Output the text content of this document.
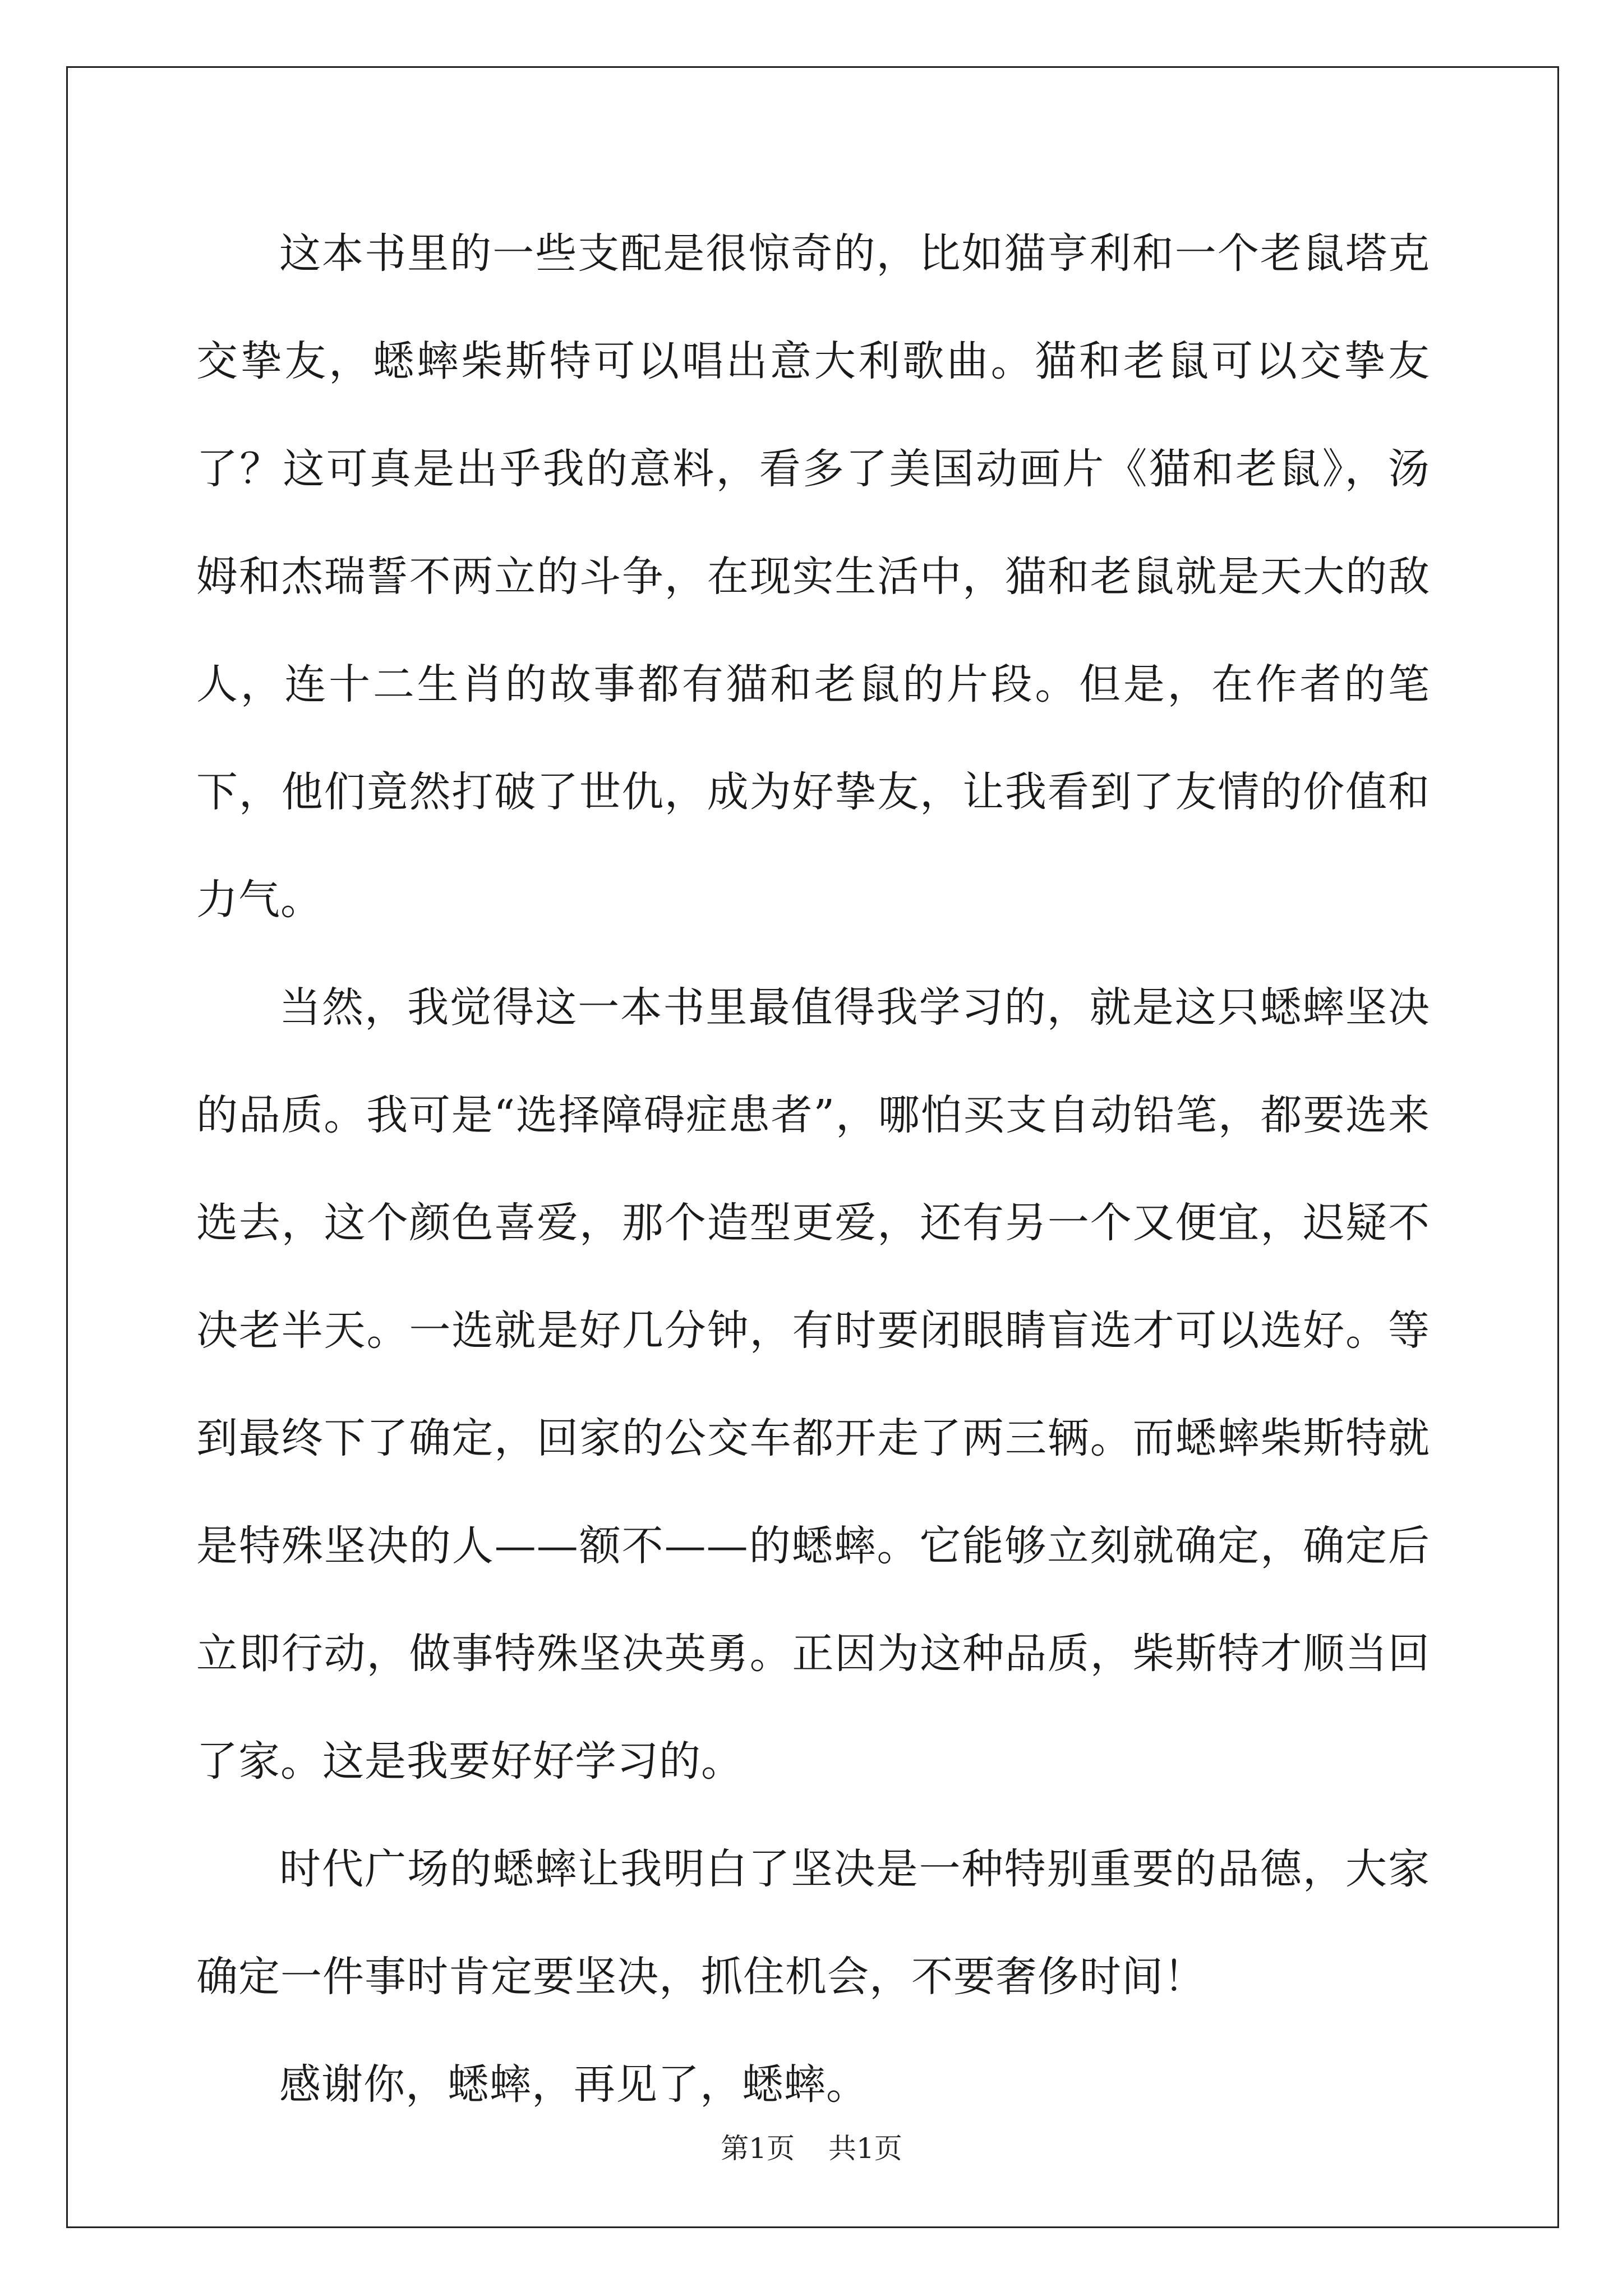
这本书里的一些支配是很惊奇的，比如猫亨利和一个老鼠塔克交挚友，蟋蟀柴斯特可以唱出意大利歌曲。猫和老鼠可以交挚友了？这可真是出乎我的意料，看多了美国动画片《猫和老鼠》，汤姆和杰瑞誓不两立的斗争，在现实生活中，猫和老鼠就是天大的敌人，连十二生肖的故事都有猫和老鼠的片段。但是，在作者的笔下，他们竟然打破了世仇，成为好挚友，让我看到了友情的价值和力气。

当然，我觉得这一本书里最值得我学习的，就是这只蟋蟀坚决的品质。我可是“选择障碍症患者”，哪怕买支自动铅笔，都要选来选去，这个颜色喜爱，那个造型更爱，还有另一个又便宜，迟疑不决老半天。一选就是好几分钟，有时要闭眼睛盲选才可以选好。等到最终下了确定，回家的公交车都开走了两三辆。而蟋蟀柴斯特就是特殊坚决的人——额不——的蟋蟀。它能够立刻就确定，确定后立即行动，做事特殊坚决英勇。正因为这种品质，柴斯特才顺当回了家。这是我要好好学习的。

时代广场的蟋蟀让我明白了坚决是一种特别重要的品德，大家确定一件事时肯定要坚决，抓住机会，不要奢侈时间！

感谢你，蟋蟀，再见了，蟋蟀。

第1页 共1页
